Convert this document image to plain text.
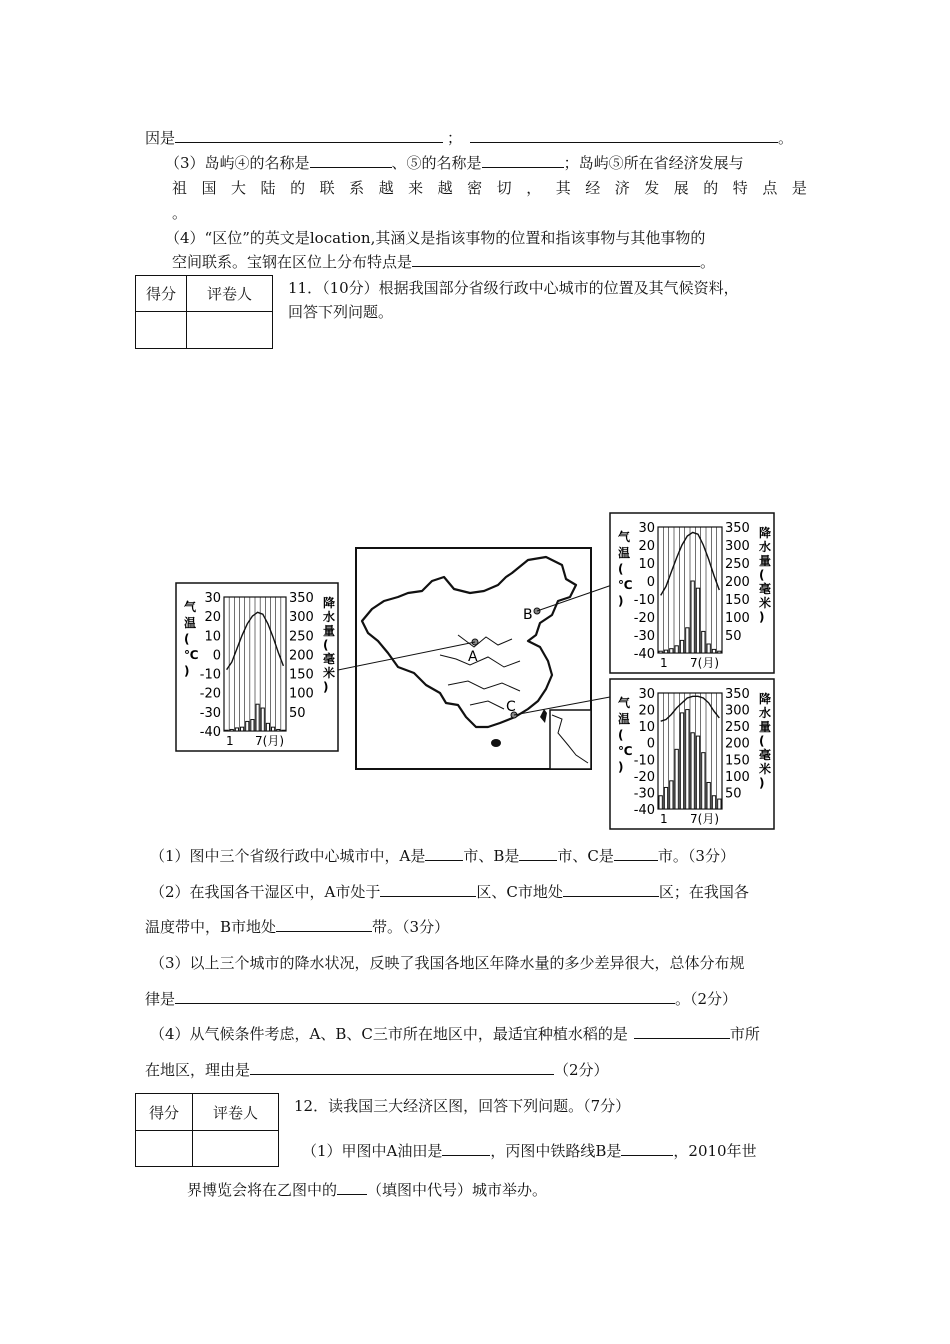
因是	；	。
（3）岛屿④的名称是	、⑤的名称是	；岛屿⑤所在省经济发展与
祖 国 大 陆 的 联 系 越 来 越 密 切 ， 其 经 济 发 展 的 特 点 是
。
（4）“区位”的英文是location,其涵义是指该事物的位置和指该事物与其他事物的
空间联系。宝钢在区位上分布特点是	。
得分	评卷人
	11．（10分）根据我国部分省级行政中心城市的位置及其气候资料，
回答下列问题。
A
B
C
30
20
10
0
-10
-20
-30
-40
350
300
250
200
150
100
50
气
温
(
℃
)
降
水
量
(
毫
米
)
1 7(月)
30
20
10
0
-10
-20
-30
-40
350
300
250
200
150
100
50
气
温
(
℃
)
降
水
量
(
毫
米
)
1 7(月)
30
20
10
0
-10
-20
-30
-40
350
300
250
200
150
100
50
气
温
(
℃
)
降
水
量
(
毫
米
)
1 7(月)
（1）图中三个省级行政中心城市中，A是	市、B是	市、C是	市。（3分）
（2）在我国各干湿区中，A市处于	区、C市地处	区；在我国各
温度带中，B市地处	带。（3分）
（3）以上三个城市的降水状况，反映了我国各地区年降水量的多少差异很大，总体分布规
律是	。（2分）
（4）从气候条件考虑，A、B、C三市所在地区中，最适宜种植水稻的是	市所
在地区，理由是	（2分）
得分	评卷人
	12．读我国三大经济区图，回答下列问题。（7分）
（1）甲图中A油田是	，丙图中铁路线B是	，2010年世
界博览会将在乙图中的 （填图中代号）城市举办。
